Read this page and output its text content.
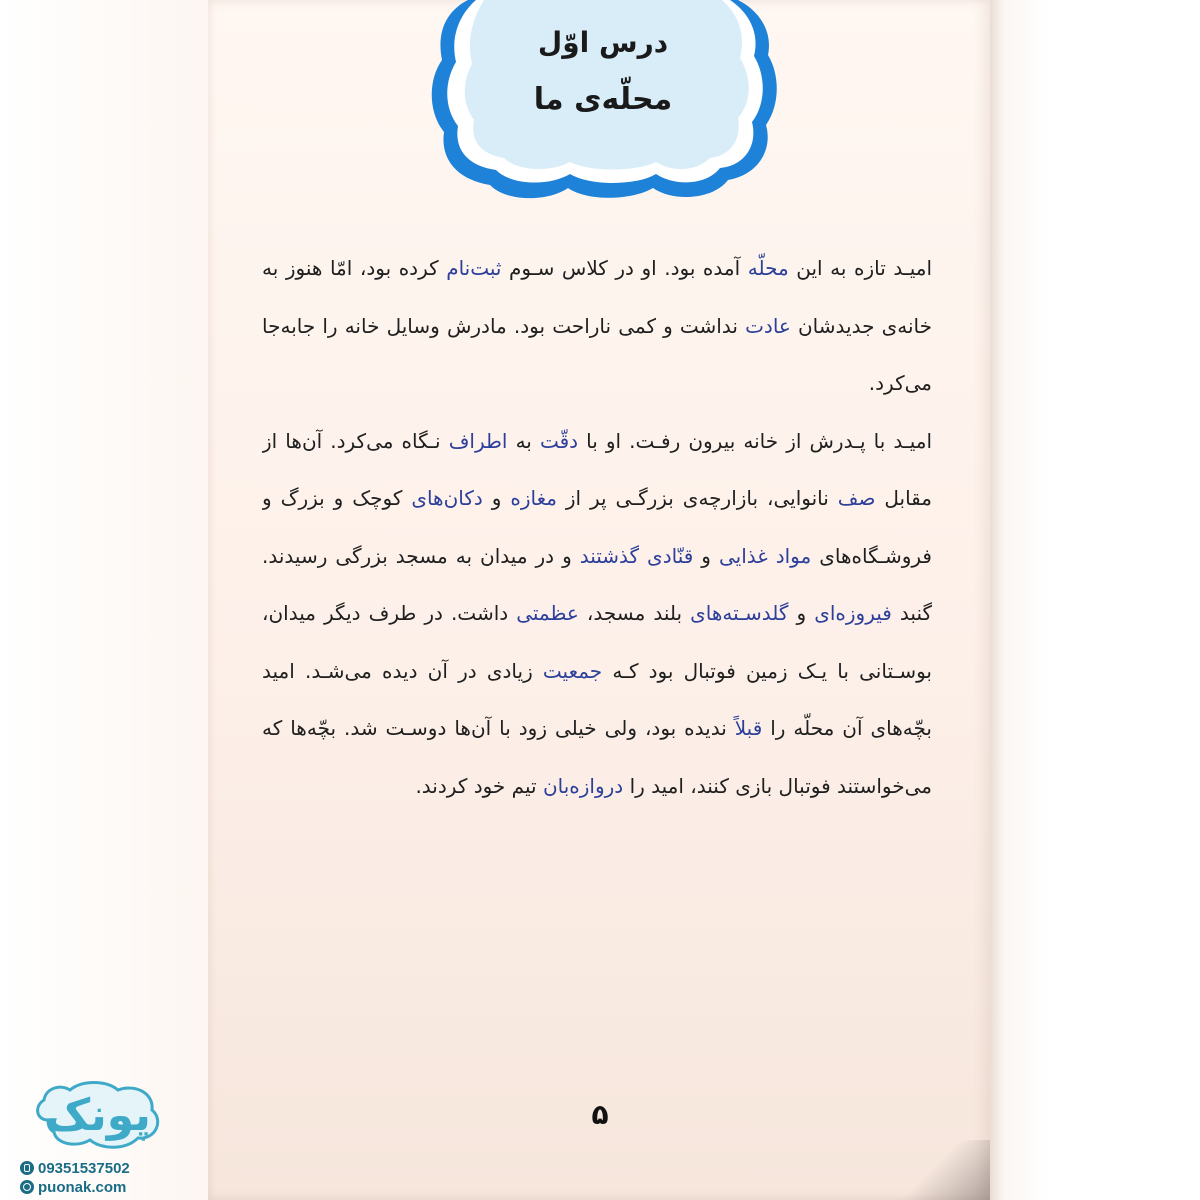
درس اوّل
محلّه‌ی ما
امیـد تازه به این محلّه آمده بود. او در کلاس سـوم ثبت‌نام کرده بود، امّا هنوز به
خانه‌ی جدیدشان عادت نداشت و کمی ناراحت بود. مادرش وسایل خانه را جابه‌جا
می‌کرد.
امیـد با پـدرش از خانه بیرون رفـت. او با دقّت به اطراف نـگاه می‌کرد. آن‌ها از
مقابل صف نانوایی، بازارچه‌ی بزرگـی پر از مغازه و دکان‌های کوچک و بزرگ و
فروشـگاه‌های مواد غذایی و قنّادی گذشتند و در میدان به مسجد بزرگی رسیدند.
گنبد فیروزه‌ای و گلدسـته‌های بلند مسجد، عظمتی داشت. در طرف دیگر میدان،
بوسـتانی با یـک زمین فوتبال بود کـه جمعیت زیادی در آن دیده می‌شـد. امید
بچّه‌های آن محلّه را قبلاً ندیده بود، ولی خیلی زود با آن‌ها دوسـت شد. بچّه‌ها که
می‌خواستند فوتبال بازی کنند، امید را دروازه‌بان تیم خود کردند.
۵
پونک
09351537502
puonak.com
